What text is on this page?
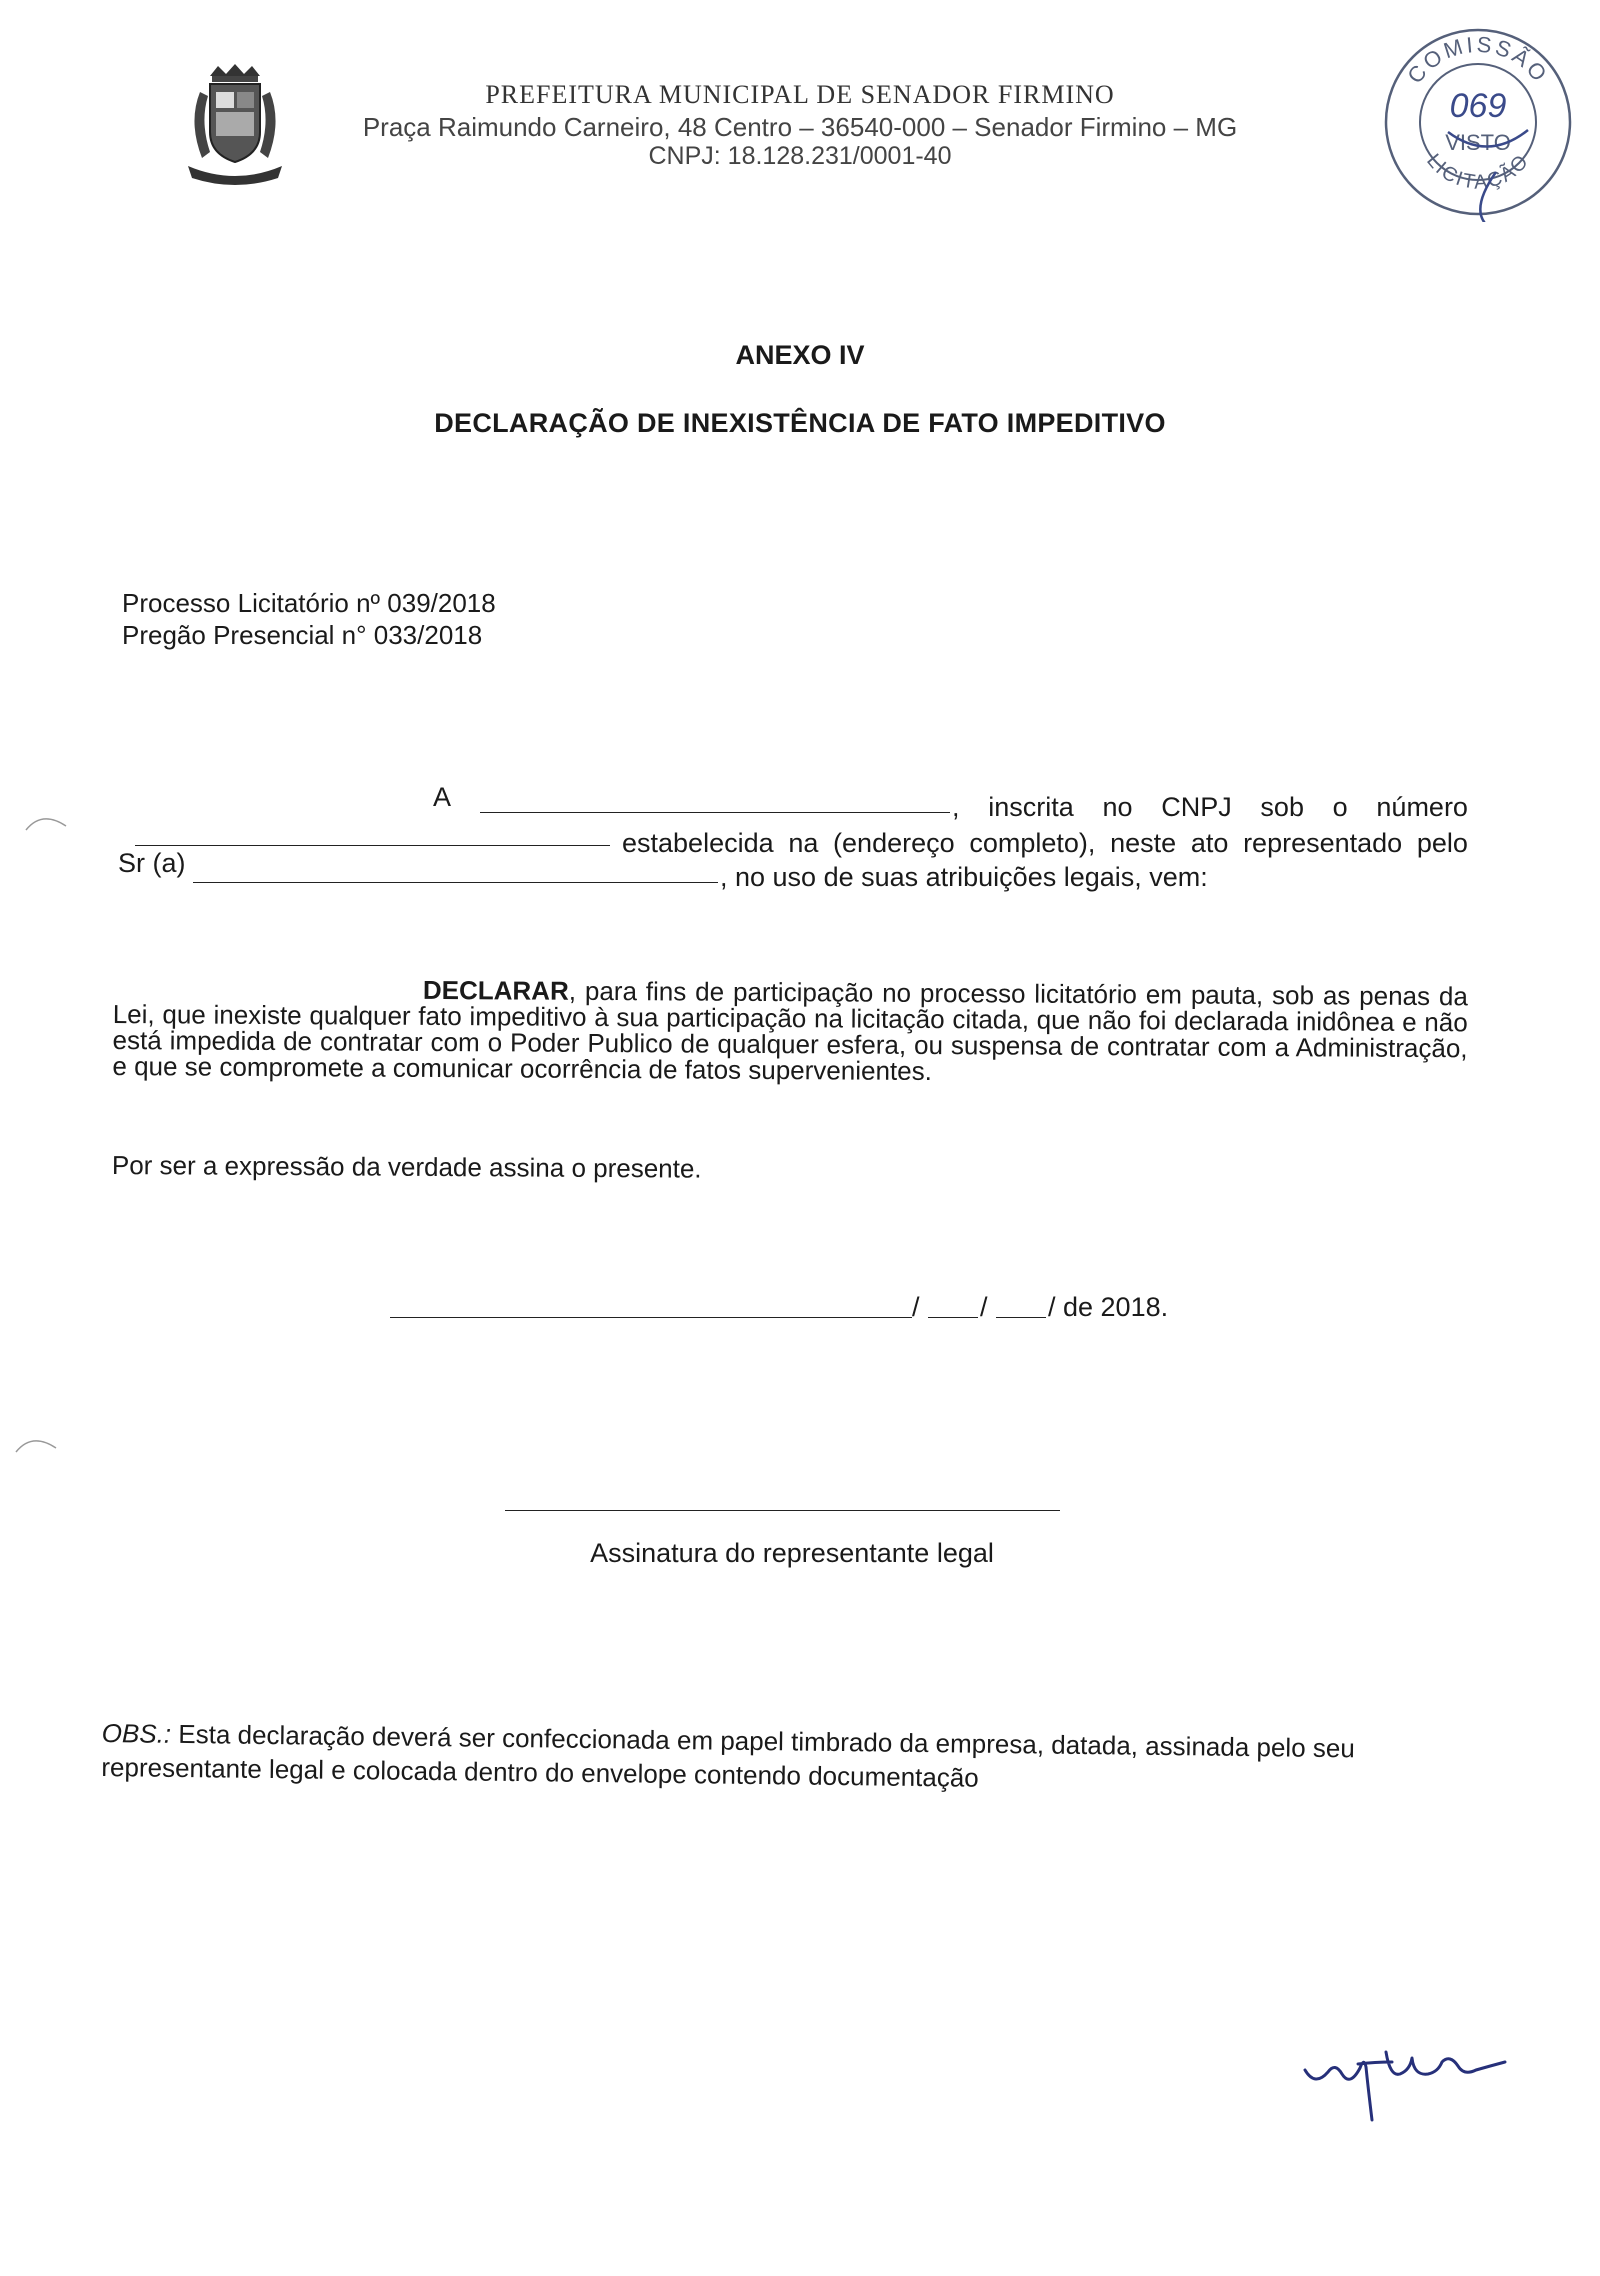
PREFEITURA MUNICIPAL DE SENADOR FIRMINO
Praça Raimundo Carneiro, 48 Centro – 36540-000 – Senador Firmino – MG
CNPJ: 18.128.231/0001-40
COMISSÃO
069
VISTO
LICITAÇÃO
ANEXO IV
DECLARAÇÃO DE INEXISTÊNCIA DE FATO IMPEDITIVO
Processo Licitatório nº 039/2018
Pregão Presencial n° 033/2018
A	, inscrita no CNPJ sob o número
estabelecida na (endereço completo), neste ato representado pelo
Sr (a)	, no uso de suas atribuições legais, vem:
DECLARAR, para fins de participação no processo licitatório em pauta, sob as penas da Lei, que inexiste qualquer fato impeditivo à sua participação na licitação citada, que não foi declarada inidônea e não está impedida de contratar com o Poder Publico de qualquer esfera, ou suspensa de contratar com a Administração, e que se compromete a comunicar ocorrência de fatos supervenientes.
Por ser a expressão da verdade assina o presente.
/ / / de 2018.
Assinatura do representante legal
OBS.: Esta declaração deverá ser confeccionada em papel timbrado da empresa, datada, assinada pelo seu representante legal e colocada dentro do envelope contendo documentação
